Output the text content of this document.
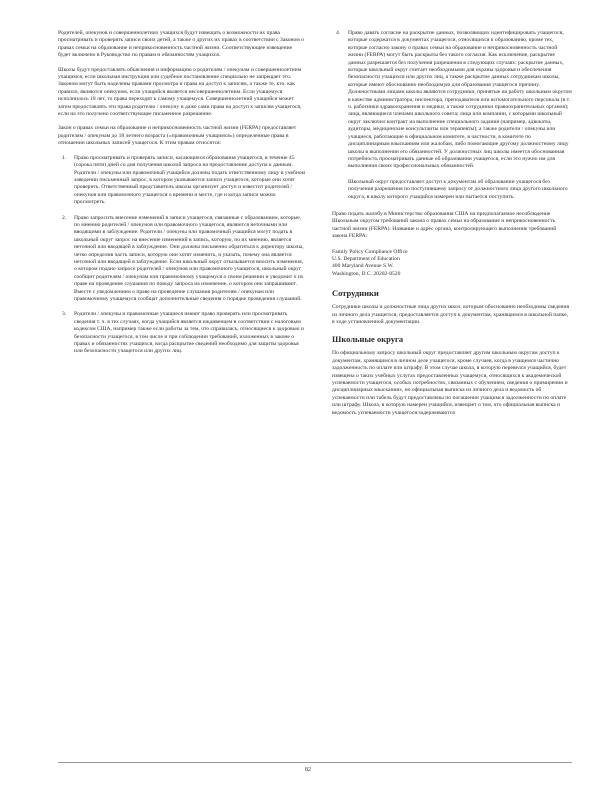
Родителей, опекунов и совершеннолетних учащихся будут извещать о возможности их права просматривать и проверять записи своих детей, а также о других их правах в соответствии с Законом о правах семьи на образование и неприкосновенность частной жизни. Соответствующее извещение будет включено в Руководство по правам и обязанностям учащихся.

Школы будут предоставлять объяснения и информацию о родителям / опекунам и совершеннолетним учащимся, если школьная инструкция или судебное постановление специально не запрещает это. Законом могут быть наделены правами просмотра и права на доступ к записям, а также те, кто, как правило, являются опекуном, если учащийся является несовершеннолетним. Если учащемуся исполнилось 18 лет, то права переходят к самому учащемуся. Совершеннолетний учащийся может затем предоставлять эти права родителю / опекуну и даже сами права на доступ к записям учащегося, если на это получено соответствующее письменное разрешение.

Закон о правах семьи на образование и неприкосновенность частной жизни (FERPA) предоставляет родителям / опекунам до 18 летнего возраста («правомочным учащимся») определенные права в отношении школьных записей учащегося. К этим правам относятся:

1. Право просматривать и проверять записи, касающиеся образования учащегося, в течение 45 (сорока пяти) дней со дня получения школой запроса на предоставление доступа к данным. Родители / опекуны или правомочный учащийся должны подать ответственному лицу в учебном заведении письменный запрос, в котором указываются записи учащегося, которые они хотят проверить. Ответственный представитель школы организует доступ и известит родителей / опекунов или правомочного учащегося о времени и месте, где и когда записи можно просмотреть.
2. Право запросить внесение изменений в записи учащегося, связанные с образованием, которые, по мнению родителей / опекунов или правомочного учащегося, являются неточными или вводящими в заблуждение. Родители / опекуны или правомочный учащийся могут подать в школьный округ запрос на внесение изменений в запись, которую, по их мнению, является неточной или вводящей в заблуждение. Они должны письменно обратиться к директору школы, четко определив часть записи, которую они хотят изменить, и указать, почему она является неточной или вводящей в заблуждение. Если школьный округ отказывается вносить изменения, о котором подано запросе родителей / опекунов или правомочного учащегося, школьный округ сообщит родителям / опекунам или правомочному учащемуся о своем решении и уведомит о их праве на проведение слушания по поводу запроса на изменение, о котором они запрашивают. Вместе с уведомлением о праве на проведение слушания родителям / опекунам или правомочному учащемуся сообщат дополнительные сведения о порядке проведения слушаний.
3. Родители / опекуны и правомочные учащиеся имеют право проверять или просматривать сведения т. ч. в тех случаях, когда учащийся является иждивенцем в соответствии с налоговым кодексом США, например также если работы за тем, что справилась, относящиеся к здоровью и безопасности учащегося, в том числе и при соблюдении требований, изложенных в законе о правах и обязанностях учащихся, когда раскрытие сведений необходимо для защиты здоровья или безопасности учащегося или других лиц.
4. Право давать согласие на раскрытие данных, позволяющих идентифицировать учащегося, которые содержатся в документах учащегося, относящихся к образованию, кроме тех, которые согласно закону о правах семьи на образование и неприкосновенность частной жизни (FERPA) могут быть раскрыты без такого согласия. Как исключение, раскрытие данных разрешается без получения разрешения в следующих случаях: раскрытие данных, которые школьный округ считает необходимыми для охраны здоровья и обеспечения безопасности учащихся или других лиц, а также раскрытие данных сотрудникам школы, которые имеют обоснованно необходимую для образования учащегося причину. Должностными лицами школы являются сотрудники, принятые на работу школьным округом в качестве администратора, инспектора, преподавателя или вспомогательного персонала (в т. ч. работники здравоохранения и медики, а также сотрудники правоохранительных органов); лица, являющиеся членами школьного совета; лица или компании, с которыми школьный округ заключил контракт на выполнение специального задания (например, адвокаты, аудиторы, медицинские консультанты или терапевты); а также родители / опекуны или учащиеся, работающие в официальном комитете, в частности, в комитете по дисциплинарным взысканиям или жалобам, либо помогающие другому должностному лицу школы в выполнении его обязанностей. У должностных лиц школы имеется обоснованная потребность просматривать данные об образовании учащегося, если это нужно им для выполнения своих профессиональных обязанностей.

Школьный округ предоставляет доступ к документам об образовании учащегося без получения разрешения по поступившему запросу от должностного лица другого школьного округа, в школу которого учащийся намерен или пытается поступить.

Право подать жалобу в Министерство образования США на предполагаемое несоблюдение Школьным округом требований закона о правах семьи на образование и неприкосновенность частной жизни (FERPA). Название и адрес органа, контролирующего выполнение требований закона FERPA:

Family Policy Compliance Office

U.S. Department of Education

400 Maryland Avenue S.W.

Washington, D.C. 20202-8520

Сотрудники

Сотрудники школы и должностные лица других школ, которым обоснованно необходимы сведения из личного дела учащегося, предоставляется доступ к документам, хранящимся в школьной папке, в ходе установленной документации.

Школьные округа

По официальному запросу школьный округ предоставляет другим школьным округам доступ к документам, хранящимся в личном деле учащегося, кроме случаев, когда в учащемся частично задолженность по оплате или штрафу. В этом случае школа, в которую перевелся учащийся, будет извещена о таких учебных услугах предоставленных учащемуся, относящихся к академической успеваемости учащегося, особых потребностях, связанных с обучением, сведения о примирении и дисциплинарных взысканиях, но официальная выписка из личного дела и ведомость об успеваемости или табель будут предоставлены по погашении учащимся задолженности по оплате или штрафу. Школа, в которую намерен учащийся, извещает о том, что официальная выписка и ведомость успеваемости учащегося задерживаются

82
